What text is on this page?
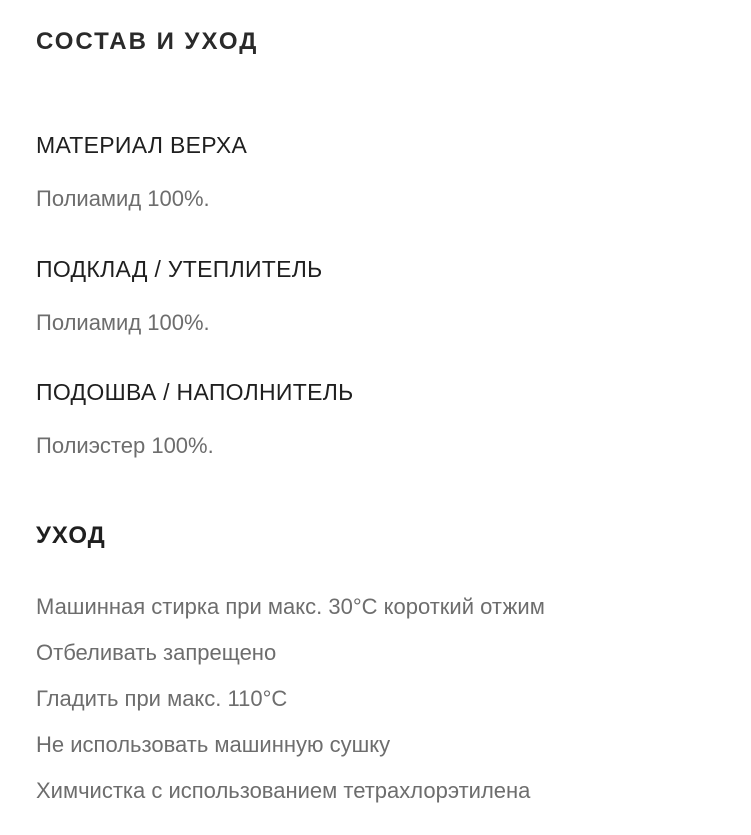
СОСТАВ И УХОД
МАТЕРИАЛ ВЕРХА
Полиамид 100%.
ПОДКЛАД / УТЕПЛИТЕЛЬ
Полиамид 100%.
ПОДОШВА / НАПОЛНИТЕЛЬ
Полиэстер 100%.
УХОД
Машинная стирка при макс. 30°С короткий отжим
Отбеливать запрещено
Гладить при макс. 110°С
Не использовать машинную сушку
Химчистка с использованием тетрахлорэтилена
